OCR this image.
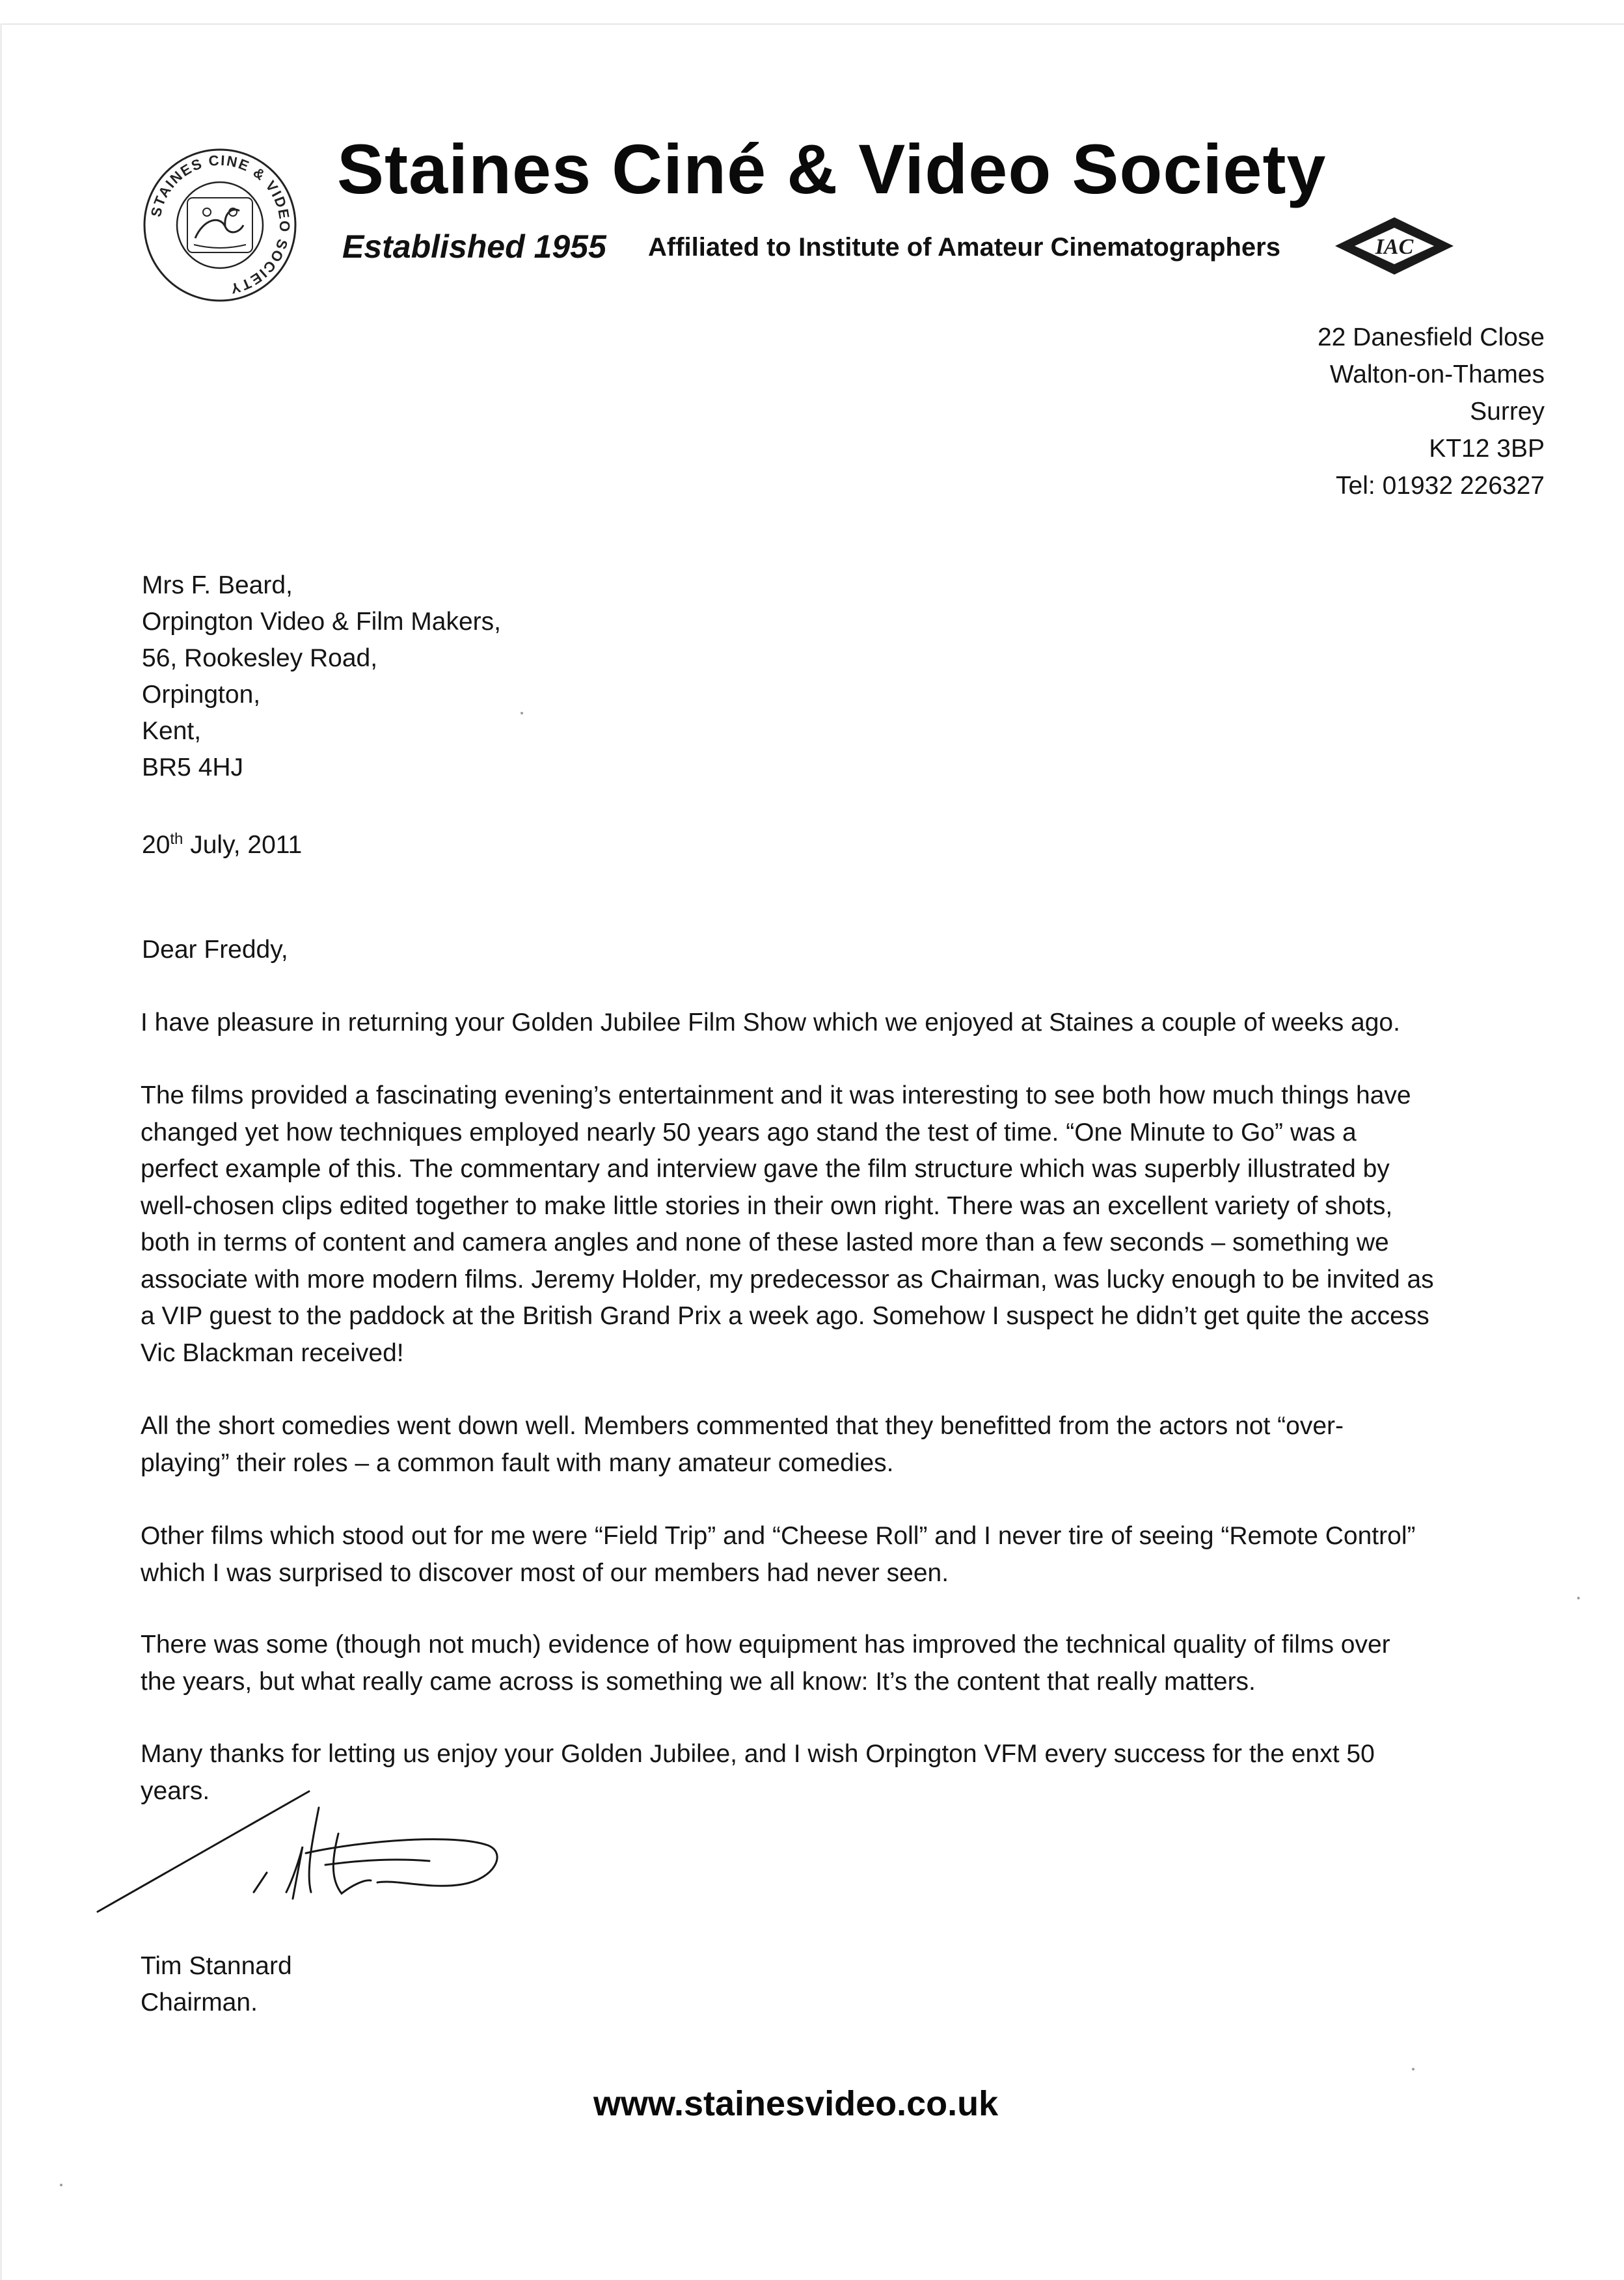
STAINES CINE & VIDEO SOCIETY
Staines Ciné & Video Society
Established 1955 Affiliated to Institute of Amateur Cinematographers	IAC
22 Danesfield Close
Walton-on-Thames
Surrey
KT12 3BP
Tel: 01932 226327
Mrs F. Beard,
Orpington Video & Film Makers,
56, Rookesley Road,
Orpington,
Kent,
BR5 4HJ
20th July, 2011
Dear Freddy,
I have pleasure in returning your Golden Jubilee Film Show which we enjoyed at Staines a couple of weeks ago.
The films provided a fascinating evening’s entertainment and it was interesting to see both how much things have
changed yet how techniques employed nearly 50 years ago stand the test of time. “One Minute to Go” was a
perfect example of this. The commentary and interview gave the film structure which was superbly illustrated by
well-chosen clips edited together to make little stories in their own right. There was an excellent variety of shots,
both in terms of content and camera angles and none of these lasted more than a few seconds – something we
associate with more modern films. Jeremy Holder, my predecessor as Chairman, was lucky enough to be invited as
a VIP guest to the paddock at the British Grand Prix a week ago. Somehow I suspect he didn’t get quite the access
Vic Blackman received!
All the short comedies went down well. Members commented that they benefitted from the actors not “over-
playing” their roles – a common fault with many amateur comedies.
Other films which stood out for me were “Field Trip” and “Cheese Roll” and I never tire of seeing “Remote Control”
which I was surprised to discover most of our members had never seen.
There was some (though not much) evidence of how equipment has improved the technical quality of films over
the years, but what really came across is something we all know: It’s the content that really matters.
Many thanks for letting us enjoy your Golden Jubilee, and I wish Orpington VFM every success for the enxt 50
years.
Tim Stannard
Chairman.
www.stainesvideo.co.uk
